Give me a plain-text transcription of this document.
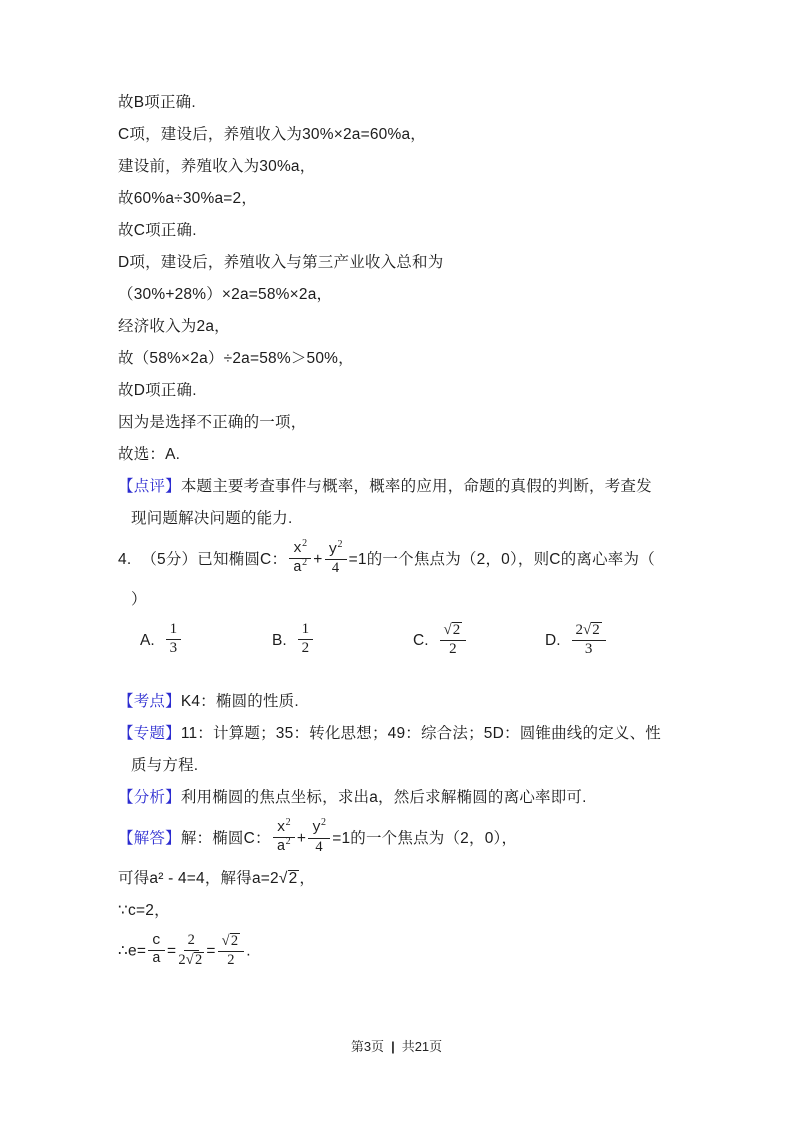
故B项正确.

C项，建设后，养殖收入为30%×2a=60%a，

建设前，养殖收入为30%a，

故60%a÷30%a=2，

故C项正确.

D项，建设后，养殖收入与第三产业收入总和为

（30%+28%）×2a=58%×2a，

经济收入为2a，

故（58%×2a）÷2a=58%＞50%，

故D项正确.

因为是选择不正确的一项，

故选：A.

【点评】本题主要考查事件与概率，概率的应用，命题的真假的判断，考查发

现问题解决问题的能力.

4. （5分）已知椭圆C： $\frac{x^2}{a^2} + \frac{y^2}{4} =1$的一个焦点为（2，0），则C的离心率为（

）

A. $\frac{1}{3}$	B. $\frac{1}{2}$	C. $\frac{√2}{2}$	D. $\frac{2√2}{3}$

【考点】K4：椭圆的性质.

【专题】11：计算题；35：转化思想；49：综合法；5D：圆锥曲线的定义、性

质与方程.

【分析】利用椭圆的焦点坐标，求出a，然后求解椭圆的离心率即可.

【解答】解：椭圆C： $\frac{x^2}{a^2} + \frac{y^2}{4} =1$的一个焦点为（2，0），

可得a² - 4=4，解得a=2√2 ，

∵c=2，

∴e= $\frac{c}{a} = \frac{2}{2√2} = \frac{√2}{2}$ .

第3页 | 共21页
